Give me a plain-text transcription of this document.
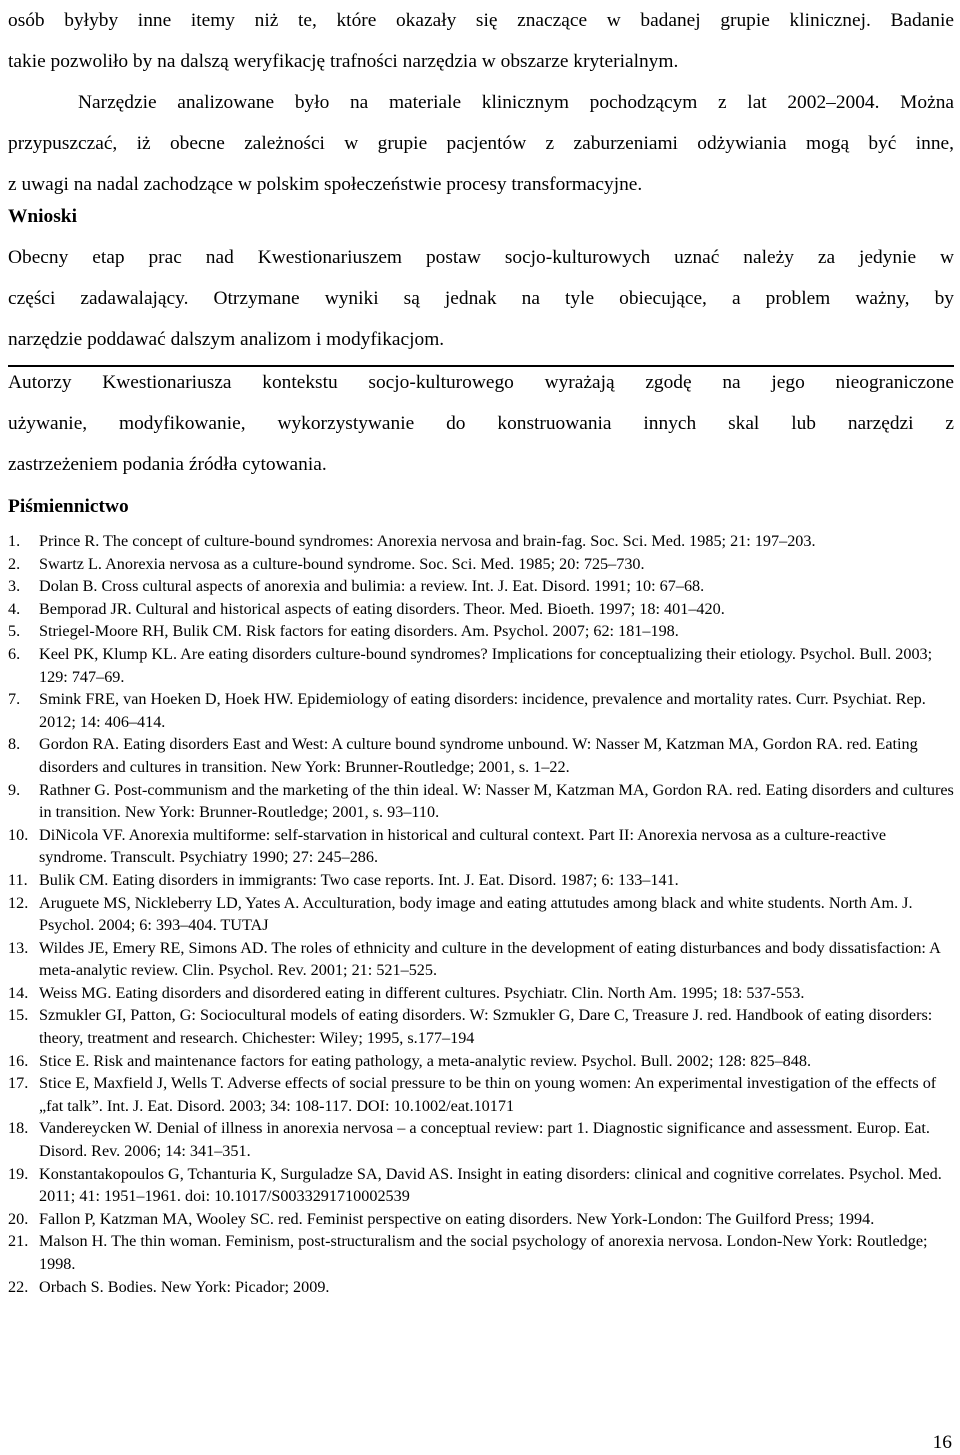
osób byłyby inne itemy niż te, które okazały się znaczące w badanej grupie klinicznej. Badanie
takie pozwoliło by na dalszą weryfikację trafności narzędzia w obszarze kryterialnym.
Narzędzie analizowane było na materiale klinicznym pochodzącym z lat 2002–2004. Można
przypuszczać, iż obecne zależności w grupie pacjentów z zaburzeniami odżywiania mogą być inne,
z uwagi na nadal zachodzące w polskim społeczeństwie procesy transformacyjne.
Wnioski
Obecny etap prac nad Kwestionariuszem postaw socjo-kulturowych uznać należy za jedynie w
części zadawalający. Otrzymane wyniki są jednak na tyle obiecujące, a problem ważny, by
narzędzie poddawać dalszym analizom i modyfikacjom.
Autorzy Kwestionariusza kontekstu socjo-kulturowego wyrażają zgodę na jego nieograniczone
używanie, modyfikowanie, wykorzystywanie do konstruowania innych skal lub narzędzi z
zastrzeżeniem podania źródła cytowania.
Piśmiennictwo
1. Prince R. The concept of culture-bound syndromes: Anorexia nervosa and brain-fag. Soc. Sci. Med. 1985; 21: 197–203.
2. Swartz L. Anorexia nervosa as a culture-bound syndrome. Soc. Sci. Med. 1985; 20: 725–730.
3. Dolan B. Cross cultural aspects of anorexia and bulimia: a review. Int. J. Eat. Disord. 1991; 10: 67–68.
4. Bemporad JR. Cultural and historical aspects of eating disorders. Theor. Med. Bioeth. 1997; 18: 401–420.
5. Striegel-Moore RH, Bulik CM. Risk factors for eating disorders. Am. Psychol. 2007; 62: 181–198.
6. Keel PK, Klump KL. Are eating disorders culture-bound syndromes? Implications for conceptualizing their etiology. Psychol. Bull. 2003; 129: 747–69.
7. Smink FRE, van Hoeken D, Hoek HW. Epidemiology of eating disorders: incidence, prevalence and mortality rates. Curr. Psychiat. Rep. 2012; 14: 406–414.
8. Gordon RA. Eating disorders East and West: A culture bound syndrome unbound. W: Nasser M, Katzman MA, Gordon RA. red. Eating disorders and cultures in transition. New York: Brunner-Routledge; 2001, s. 1–22.
9. Rathner G. Post-communism and the marketing of the thin ideal. W: Nasser M, Katzman MA, Gordon RA. red. Eating disorders and cultures in transition. New York: Brunner-Routledge; 2001, s. 93–110.
10. DiNicola VF. Anorexia multiforme: self-starvation in historical and cultural context. Part II: Anorexia nervosa as a culture-reactive syndrome. Transcult. Psychiatry 1990; 27: 245–286.
11. Bulik CM. Eating disorders in immigrants: Two case reports. Int. J. Eat. Disord. 1987; 6: 133–141.
12. Aruguete MS, Nickleberry LD, Yates A. Acculturation, body image and eating attutudes among black and white students. North Am. J. Psychol. 2004; 6: 393–404. TUTAJ
13. Wildes JE, Emery RE, Simons AD. The roles of ethnicity and culture in the development of eating disturbances and body dissatisfaction: A meta-analytic review. Clin. Psychol. Rev. 2001; 21: 521–525.
14. Weiss MG. Eating disorders and disordered eating in different cultures. Psychiatr. Clin. North Am. 1995; 18: 537-553.
15. Szmukler GI, Patton, G: Sociocultural models of eating disorders. W: Szmukler G, Dare C, Treasure J. red. Handbook of eating disorders: theory, treatment and research. Chichester: Wiley; 1995, s.177–194
16. Stice E. Risk and maintenance factors for eating pathology, a meta-analytic review. Psychol. Bull. 2002; 128: 825–848.
17. Stice E, Maxfield J, Wells T. Adverse effects of social pressure to be thin on young women: An experimental investigation of the effects of „fat talk”. Int. J. Eat. Disord. 2003; 34: 108-117. DOI: 10.1002/eat.10171
18. Vandereycken W. Denial of illness in anorexia nervosa – a conceptual review: part 1. Diagnostic significance and assessment. Europ. Eat. Disord. Rev. 2006; 14: 341–351.
19. Konstantakopoulos G, Tchanturia K, Surguladze SA, David AS. Insight in eating disorders: clinical and cognitive correlates. Psychol. Med. 2011; 41: 1951–1961. doi: 10.1017/S0033291710002539
20. Fallon P, Katzman MA, Wooley SC. red. Feminist perspective on eating disorders. New York-London: The Guilford Press; 1994.
21. Malson H. The thin woman. Feminism, post-structuralism and the social psychology of anorexia nervosa. London-New York: Routledge; 1998.
22. Orbach S. Bodies. New York: Picador; 2009.
16
